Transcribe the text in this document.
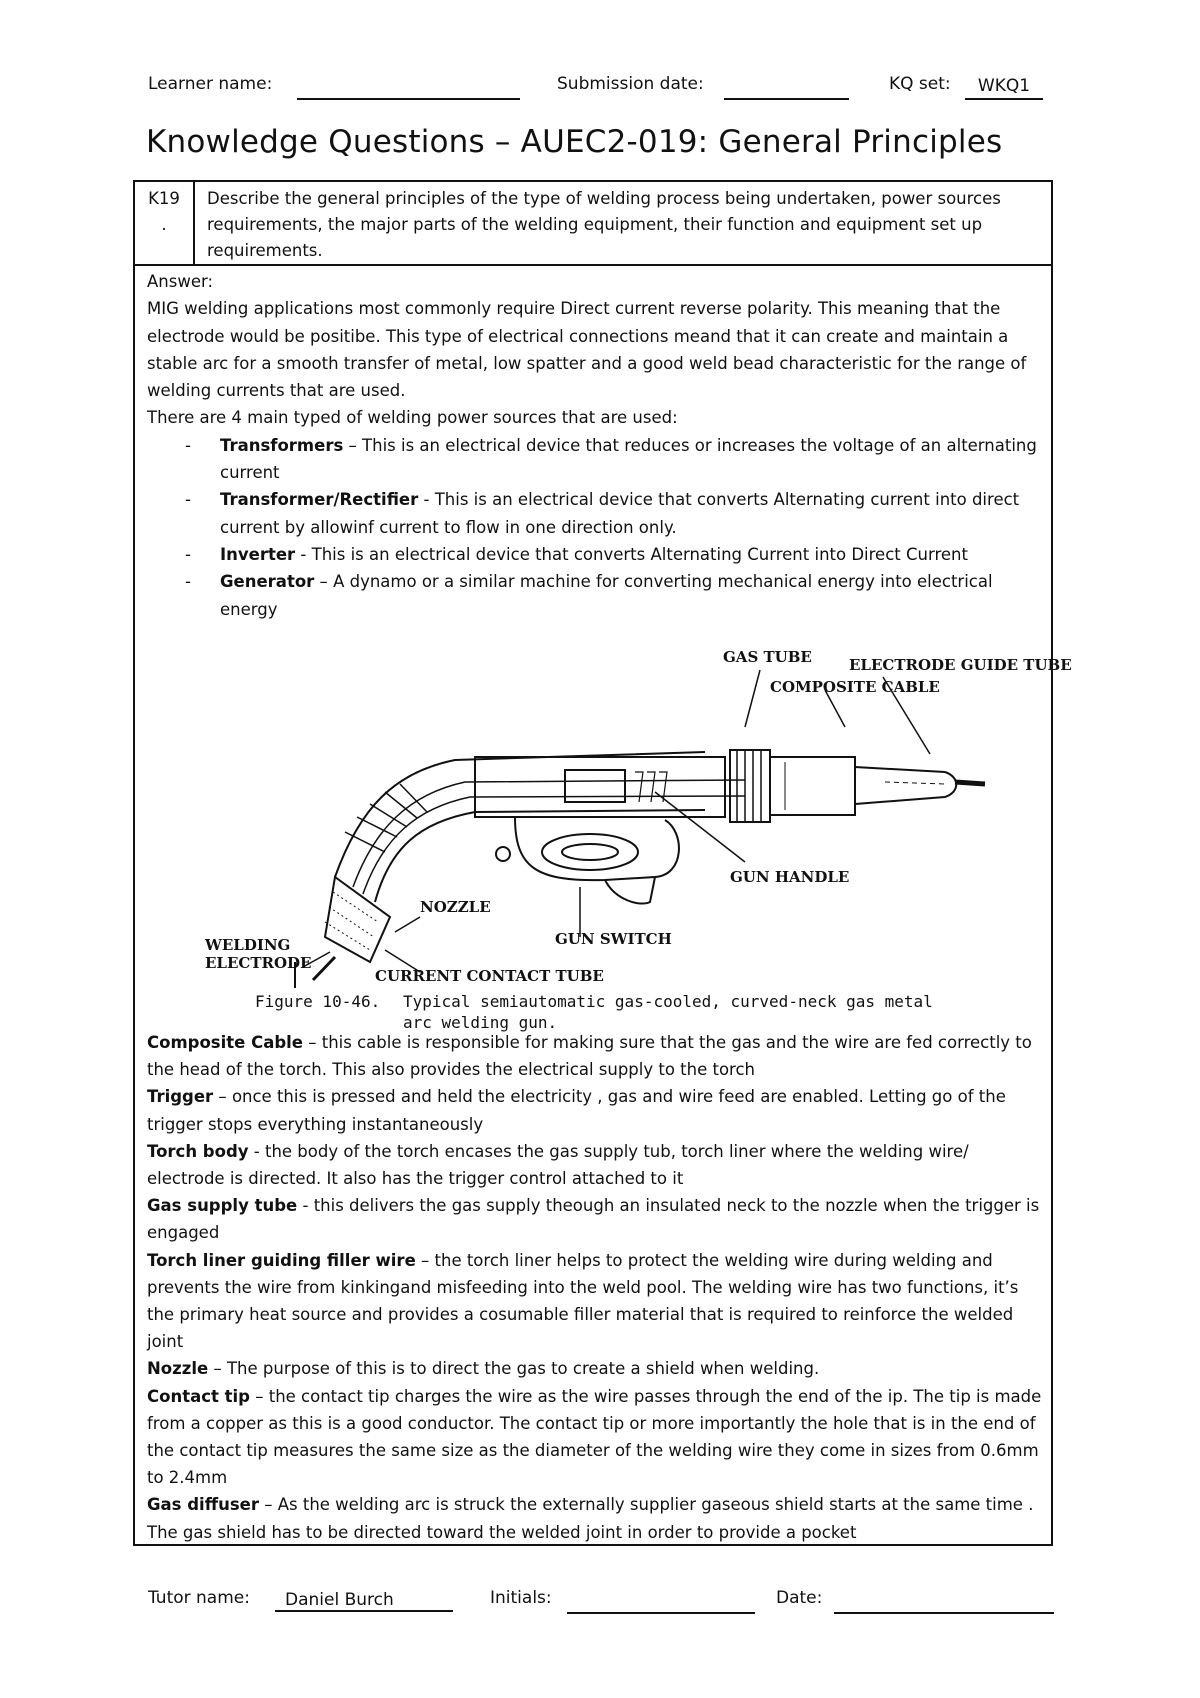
Learner name:	Submission date:	KQ set:	WKQ1
Knowledge Questions – AUEC2-019: General Principles
K19
.
Describe the general principles of the type of welding process being undertaken, power sources requirements, the major parts of the welding equipment, their function and equipment set up requirements.

Answer:

MIG welding applications most commonly require Direct current reverse polarity. This meaning that the electrode would be positibe. This type of electrical connections meand that it can create and maintain a stable arc for a smooth transfer of metal, low spatter and a good weld bead characteristic for the range of welding currents that are used.

There are 4 main typed of welding power sources that are used:

- Transformers – This is an electrical device that reduces or increases the voltage of an alternating current
- Transformer/Rectifier - This is an electrical device that converts Alternating current into direct current by allowinf current to flow in one direction only.
- Inverter - This is an electrical device that converts Alternating Current into Direct Current
- Generator – A dynamo or a similar machine for converting mechanical energy into electrical energy
GAS TUBE ELECTRODE GUIDE TUBE
COMPOSITE CABLE
GUN HANDLE
WELDING
ELECTRODE
NOZZLE
GUN SWITCH
CURRENT CONTACT TUBE
Figure 10-46. Typical semiautomatic gas-cooled, curved-neck gas metal
arc welding gun.

Composite Cable – this cable is responsible for making sure that the gas and the wire are fed correctly to the head of the torch. This also provides the electrical supply to the torch

Trigger – once this is pressed and held the electricity , gas and wire feed are enabled. Letting go of the trigger stops everything instantaneously

Torch body - the body of the torch encases the gas supply tub, torch liner where the welding wire/ electrode is directed. It also has the trigger control attached to it

Gas supply tube - this delivers the gas supply theough an insulated neck to the nozzle when the trigger is engaged

Torch liner guiding filler wire – the torch liner helps to protect the welding wire during welding and prevents the wire from kinkingand misfeeding into the weld pool. The welding wire has two functions, it’s the primary heat source and provides a cosumable filler material that is required to reinforce the welded joint

Nozzle – The purpose of this is to direct the gas to create a shield when welding.

Contact tip – the contact tip charges the wire as the wire passes through the end of the ip. The tip is made from a copper as this is a good conductor. The contact tip or more importantly the hole that is in the end of the contact tip measures the same size as the diameter of the welding wire they come in sizes from 0.6mm to 2.4mm

Gas diffuser – As the welding arc is struck the externally supplier gaseous shield starts at the same time . The gas shield has to be directed toward the welded joint in order to provide a pocket

Tutor name:	Daniel Burch	Initials:	Date:
